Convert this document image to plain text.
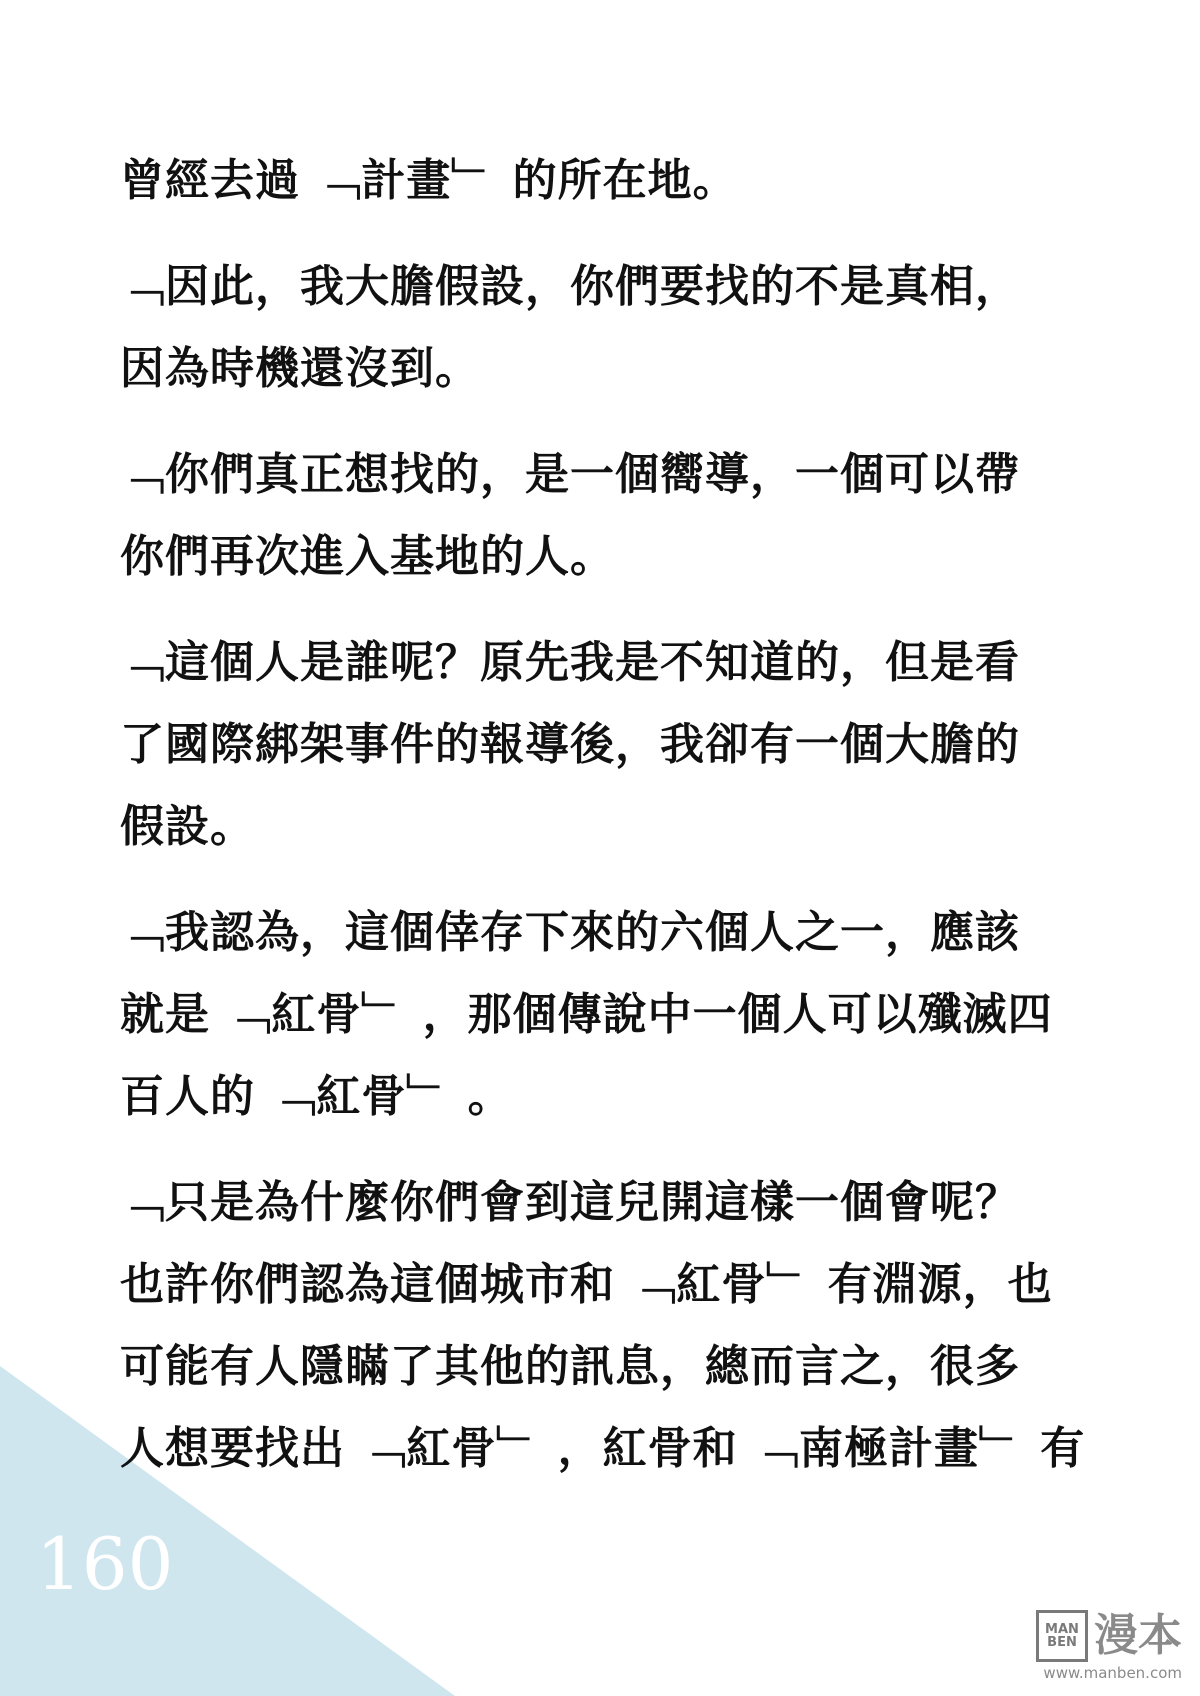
曾經去過 ﹁計畫﹂ 的所在地。
﹁因此，我大膽假設，你們要找的不是真相，
因為時機還沒到。
﹁你們真正想找的，是一個嚮導，一個可以帶
你們再次進入基地的人。
﹁這個人是誰呢？原先我是不知道的，但是看
了國際綁架事件的報導後，我卻有一個大膽的
假設。
﹁我認為，這個倖存下來的六個人之一，應該
就是 ﹁紅骨﹂ ，那個傳說中一個人可以殲滅四
百人的 ﹁紅骨﹂ 。
﹁只是為什麼你們會到這兒開這樣一個會呢？
也許你們認為這個城市和 ﹁紅骨﹂ 有淵源，也
可能有人隱瞞了其他的訊息，總而言之，很多
人想要找出 ﹁紅骨﹂ ，紅骨和 ﹁南極計畫﹂ 有
160
MAN BEN 漫本
www.manben.com
